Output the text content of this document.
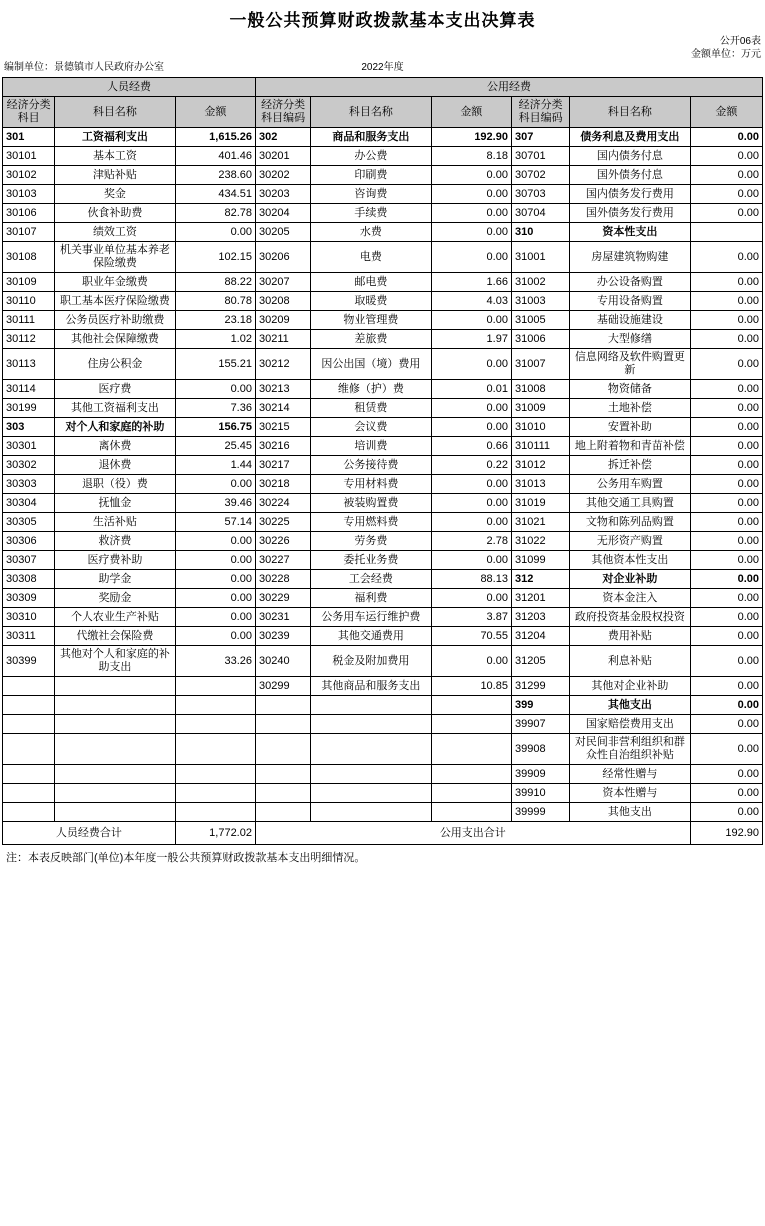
一般公共预算财政拨款基本支出决算表
公开06表
金额单位：万元
编制单位：景德镇市人民政府办公室	2022年度
人员经费			公用经费					
经济分类科目	科目名称	金额	经济分类科目编码	科目名称	金额	经济分类科目编码	科目名称	金额

301	工资福利支出	1,615.26	302	商品和服务支出	192.90	307	债务利息及费用支出	0.00

30101	基本工资	401.46	30201	办公费	8.18	30701	国内债务付息	0.00

30102	津贴补贴	238.60	30202	印刷费	0.00	30702	国外债务付息	0.00

30103	奖金	434.51	30203	咨询费	0.00	30703	国内债务发行费用	0.00

30106	伙食补助费	82.78	30204	手续费	0.00	30704	国外债务发行费用	0.00

30107	绩效工资	0.00	30205	水费	0.00	310	资本性支出	

30108	机关事业单位基本养老保险缴费	102.15	30206	电费	0.00	31001	房屋建筑物购建	0.00

30109	职业年金缴费	88.22	30207	邮电费	1.66	31002	办公设备购置	0.00

30110	职工基本医疗保险缴费	80.78	30208	取暖费	4.03	31003	专用设备购置	0.00

30111	公务员医疗补助缴费	23.18	30209	物业管理费	0.00	31005	基础设施建设	0.00

30112	其他社会保障缴费	1.02	30211	差旅费	1.97	31006	大型修缮	0.00

30113	住房公积金	155.21	30212	因公出国（境）费用	0.00	31007	信息网络及软件购置更新	0.00

30114	医疗费	0.00	30213	维修（护）费	0.01	31008	物资储备	0.00

30199	其他工资福利支出	7.36	30214	租赁费	0.00	31009	土地补偿	0.00

303	对个人和家庭的补助	156.75	30215	会议费	0.00	31010	安置补助	0.00

30301	离休费	25.45	30216	培训费	0.66	310111	地上附着物和青苗补偿	0.00

30302	退休费	1.44	30217	公务接待费	0.22	31012	拆迁补偿	0.00

30303	退职（役）费	0.00	30218	专用材料费	0.00	31013	公务用车购置	0.00

30304	抚恤金	39.46	30224	被装购置费	0.00	31019	其他交通工具购置	0.00

30305	生活补贴	57.14	30225	专用燃料费	0.00	31021	文物和陈列品购置	0.00

30306	救济费	0.00	30226	劳务费	2.78	31022	无形资产购置	0.00

30307	医疗费补助	0.00	30227	委托业务费	0.00	31099	其他资本性支出	0.00

30308	助学金	0.00	30228	工会经费	88.13	312	对企业补助	0.00

30309	奖励金	0.00	30229	福利费	0.00	31201	资本金注入	0.00

30310	个人农业生产补贴	0.00	30231	公务用车运行维护费	3.87	31203	政府投资基金股权投资	0.00

30311	代缴社会保险费	0.00	30239	其他交通费用	70.55	31204	费用补贴	0.00

30399	其他对个人和家庭的补助支出	33.26	30240	税金及附加费用	0.00	31205	利息补贴	0.00

			30299	其他商品和服务支出	10.85	31299	其他对企业补助	0.00

						399	其他支出	0.00

						39907	国家赔偿费用支出	0.00

						39908	对民间非营利组织和群众性自治组织补贴	0.00

						39909	经常性赠与	0.00

						39910	资本性赠与	0.00

						39999	其他支出	0.00

人员经费合计		1,772.02	公用支出合计					192.90
注：本表反映部门(单位)本年度一般公共预算财政拨款基本支出明细情况。
